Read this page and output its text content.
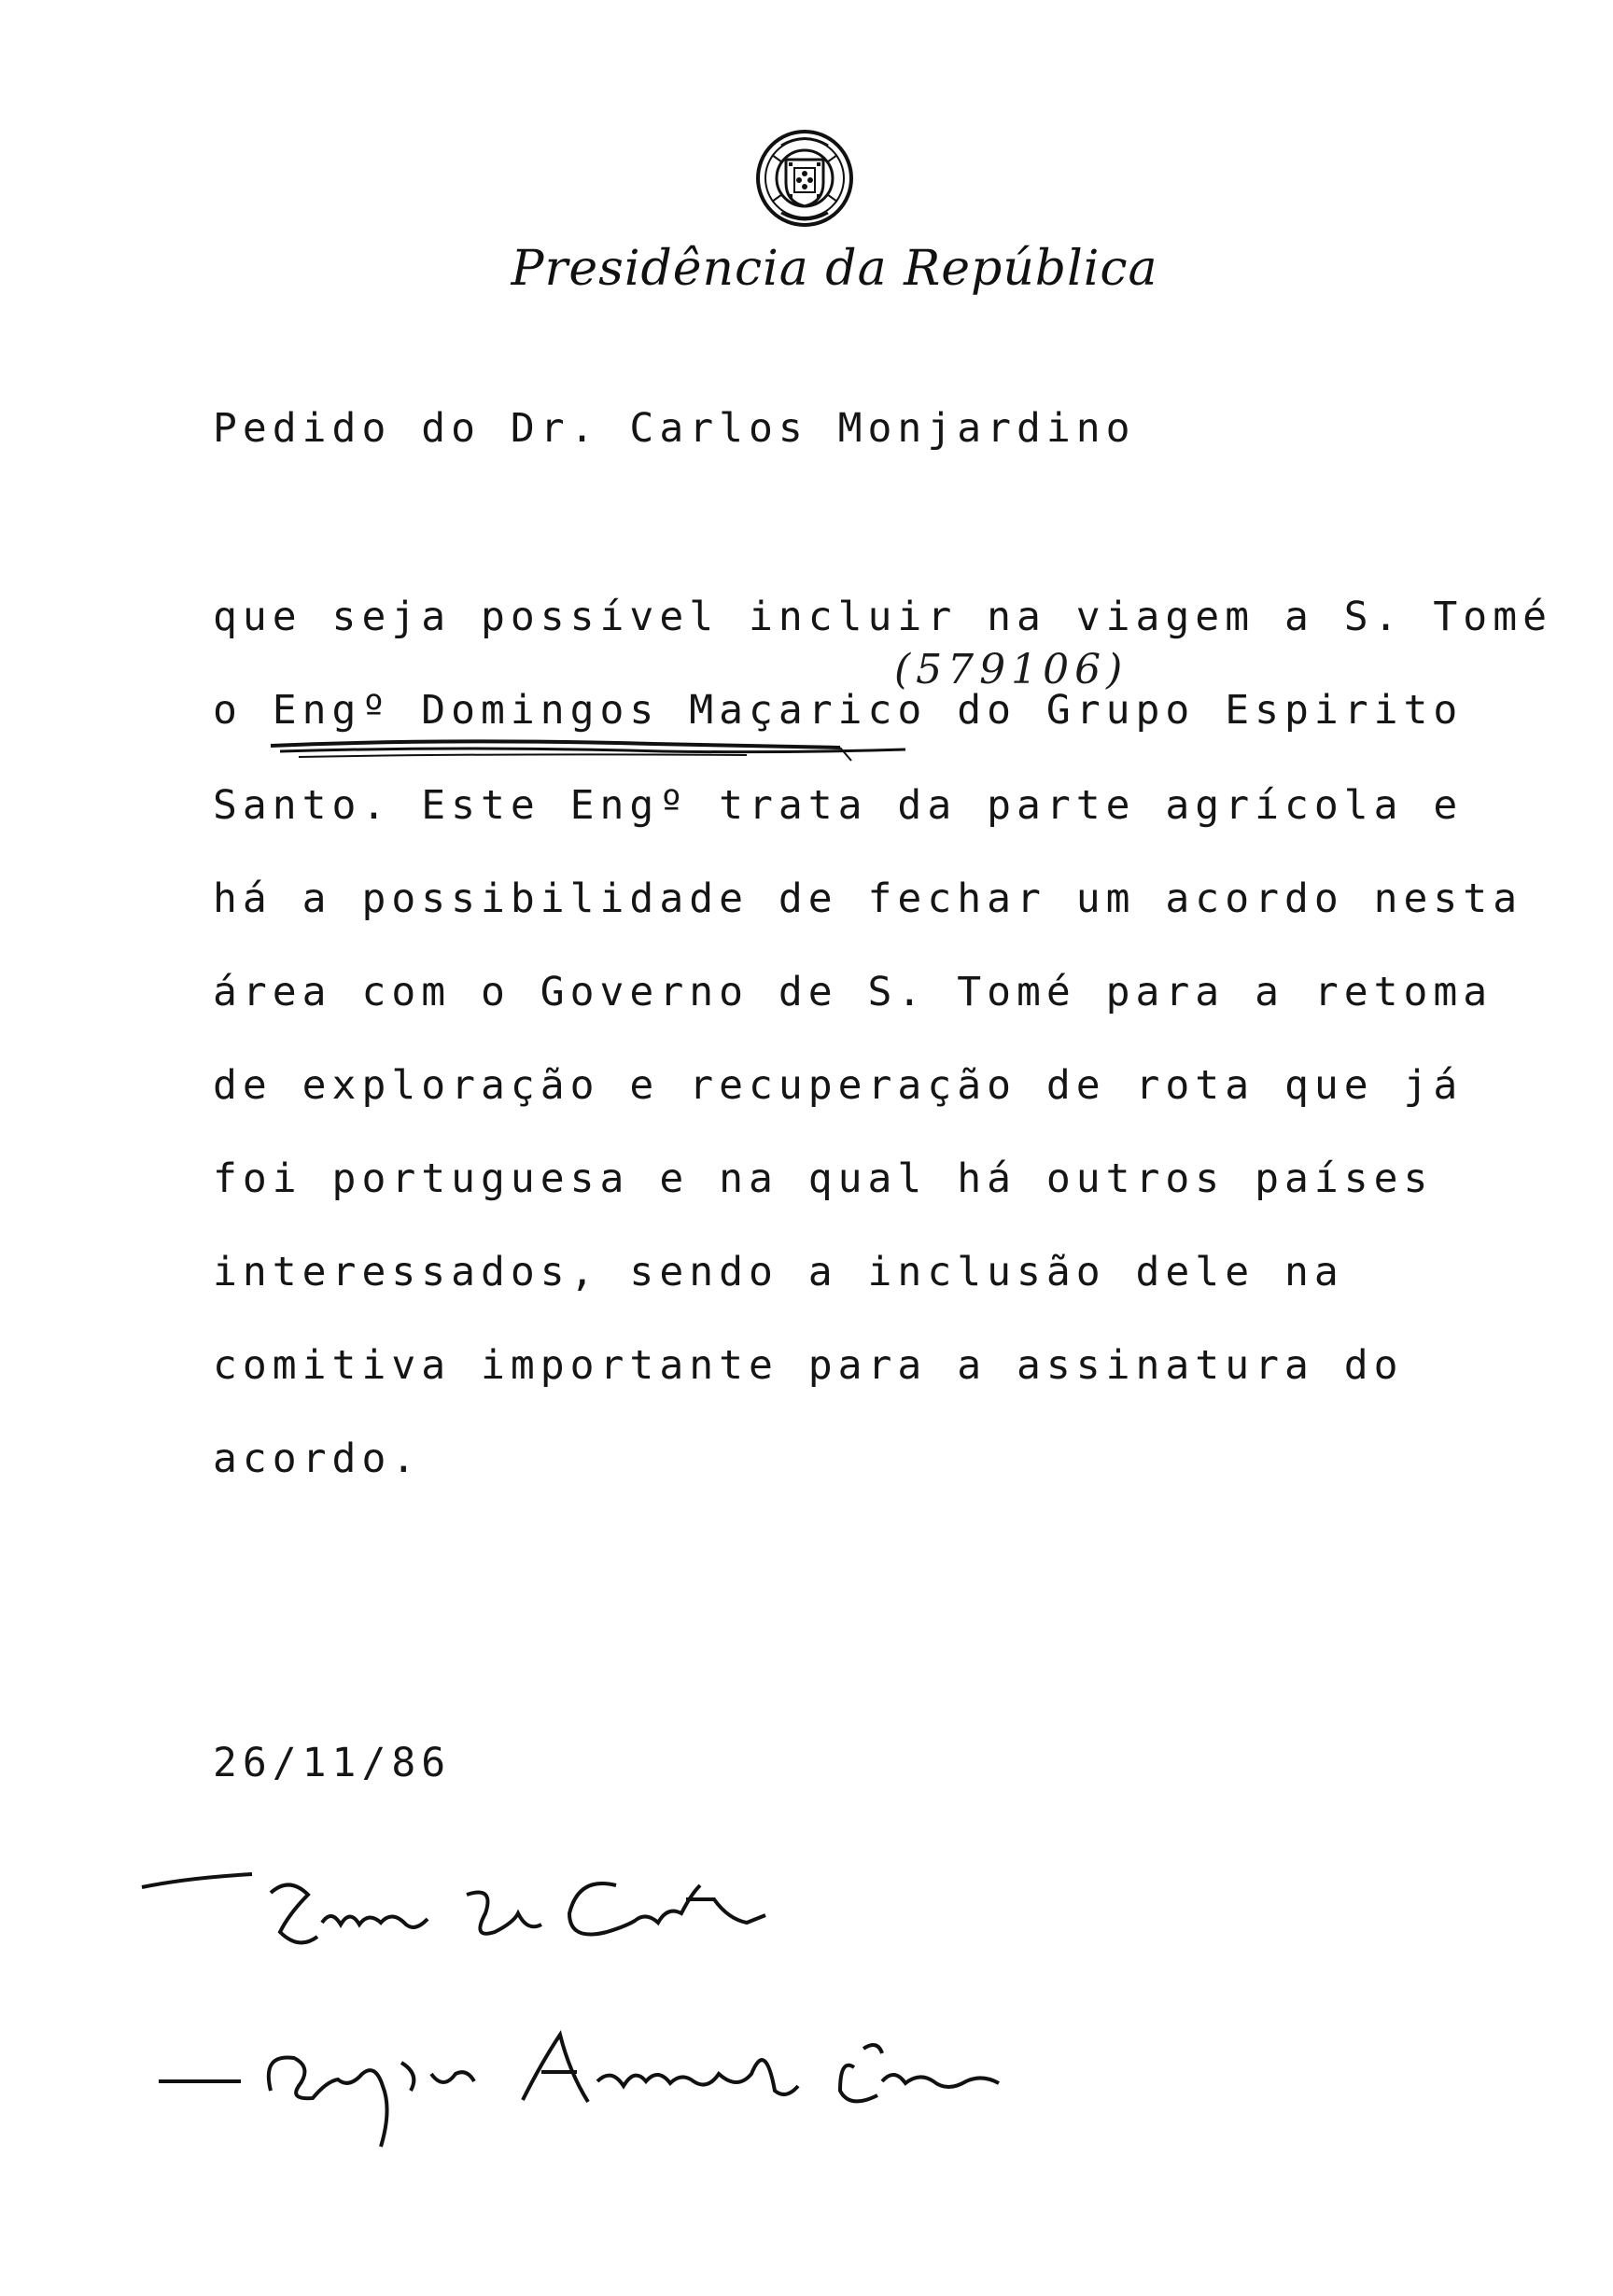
Presidência da República
Pedido do Dr. Carlos Monjardino
que seja possível incluir na viagem a S. Tomé
o Engº Domingos Maçarico do Grupo Espirito
Santo. Este Engº trata da parte agrícola e
há a possibilidade de fechar um acordo nesta
área com o Governo de S. Tomé para a retoma
de exploração e recuperação de rota que já
foi portuguesa e na qual há outros países
interessados, sendo a inclusão dele na
comitiva importante para a assinatura do
acordo.
(579106)
26/11/86
